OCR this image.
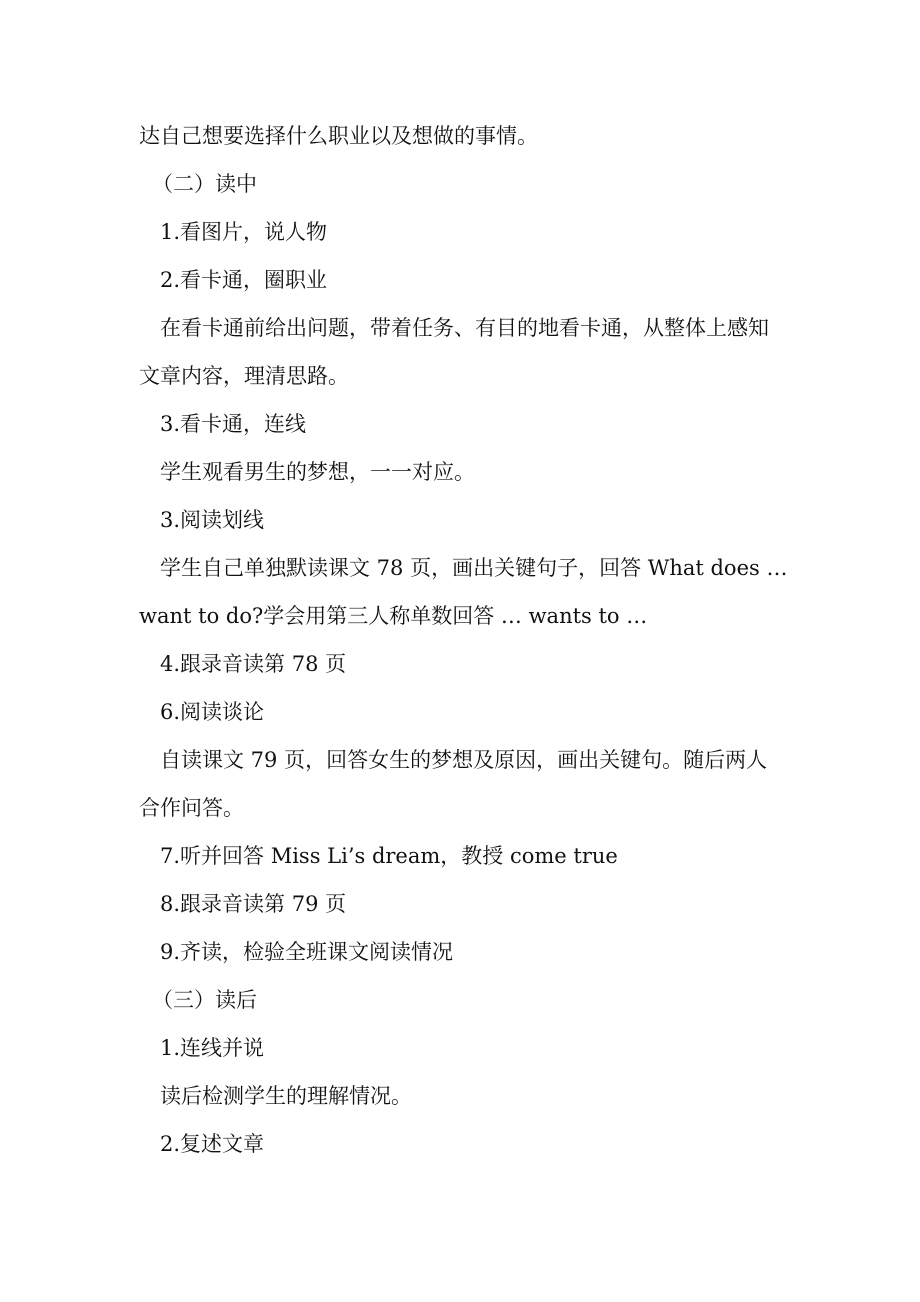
达自己想要选择什么职业以及想做的事情。
（二）读中
1.看图片，说人物
2.看卡通，圈职业
在看卡通前给出问题，带着任务、有目的地看卡通，从整体上感知
文章内容，理清思路。
3.看卡通，连线
学生观看男生的梦想，一一对应。
3.阅读划线
学生自己单独默读课文 78 页，画出关键句子，回答 What does …
want to do?学会用第三人称单数回答 … wants to …
4.跟录音读第 78 页
6.阅读谈论
自读课文 79 页，回答女生的梦想及原因，画出关键句。随后两人
合作问答。
7.听并回答 Miss Li’s dream，教授 come true
8.跟录音读第 79 页
9.齐读，检验全班课文阅读情况
（三）读后
1.连线并说
读后检测学生的理解情况。
2.复述文章
